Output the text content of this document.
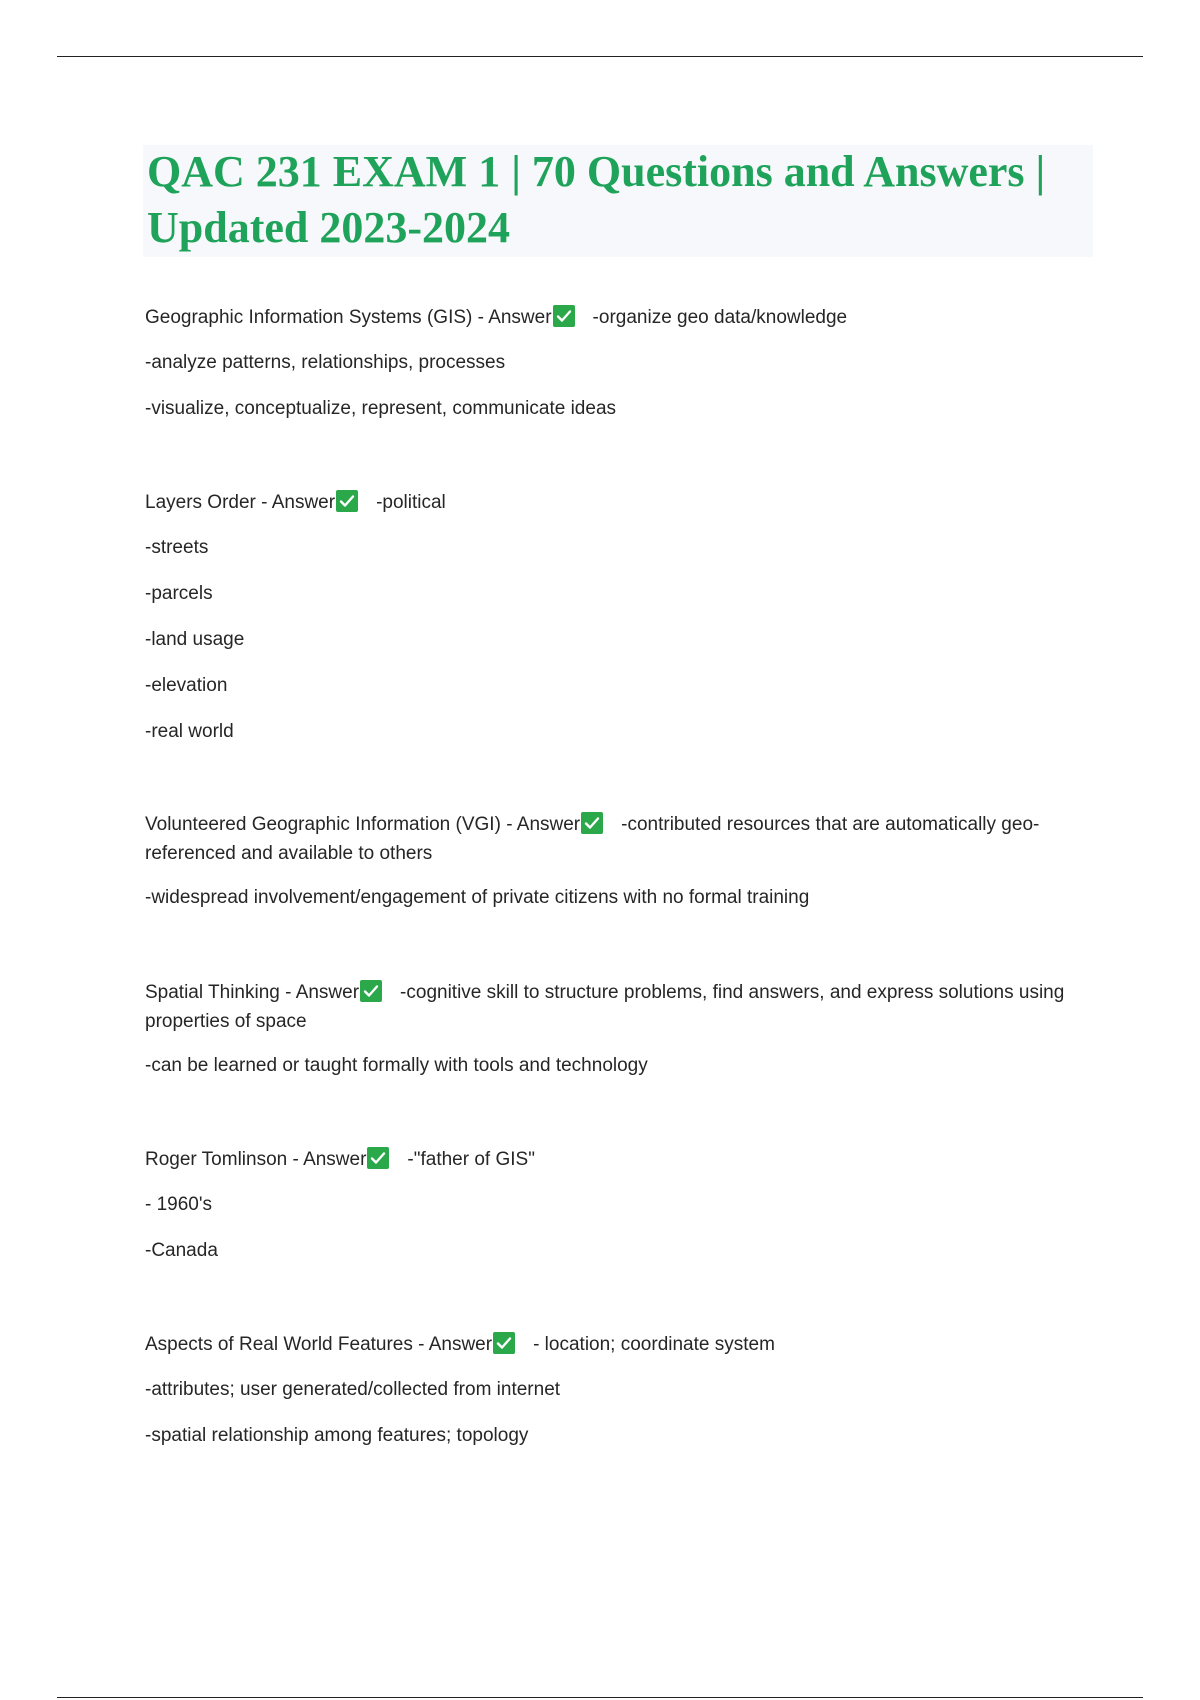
QAC 231 EXAM 1 | 70 Questions and Answers | Updated 2023-2024

Geographic Information Systems (GIS) - Answer -organize geo data/knowledge

-analyze patterns, relationships, processes

-visualize, conceptualize, represent, communicate ideas

Layers Order - Answer -political

-streets

-parcels

-land usage

-elevation

-real world

Volunteered Geographic Information (VGI) - Answer -contributed resources that are automatically geo-referenced and available to others

-widespread involvement/engagement of private citizens with no formal training

Spatial Thinking - Answer -cognitive skill to structure problems, find answers, and express solutions using properties of space

-can be learned or taught formally with tools and technology

Roger Tomlinson - Answer -"father of GIS"

- 1960's

-Canada

Aspects of Real World Features - Answer - location; coordinate system

-attributes; user generated/collected from internet

-spatial relationship among features; topology
